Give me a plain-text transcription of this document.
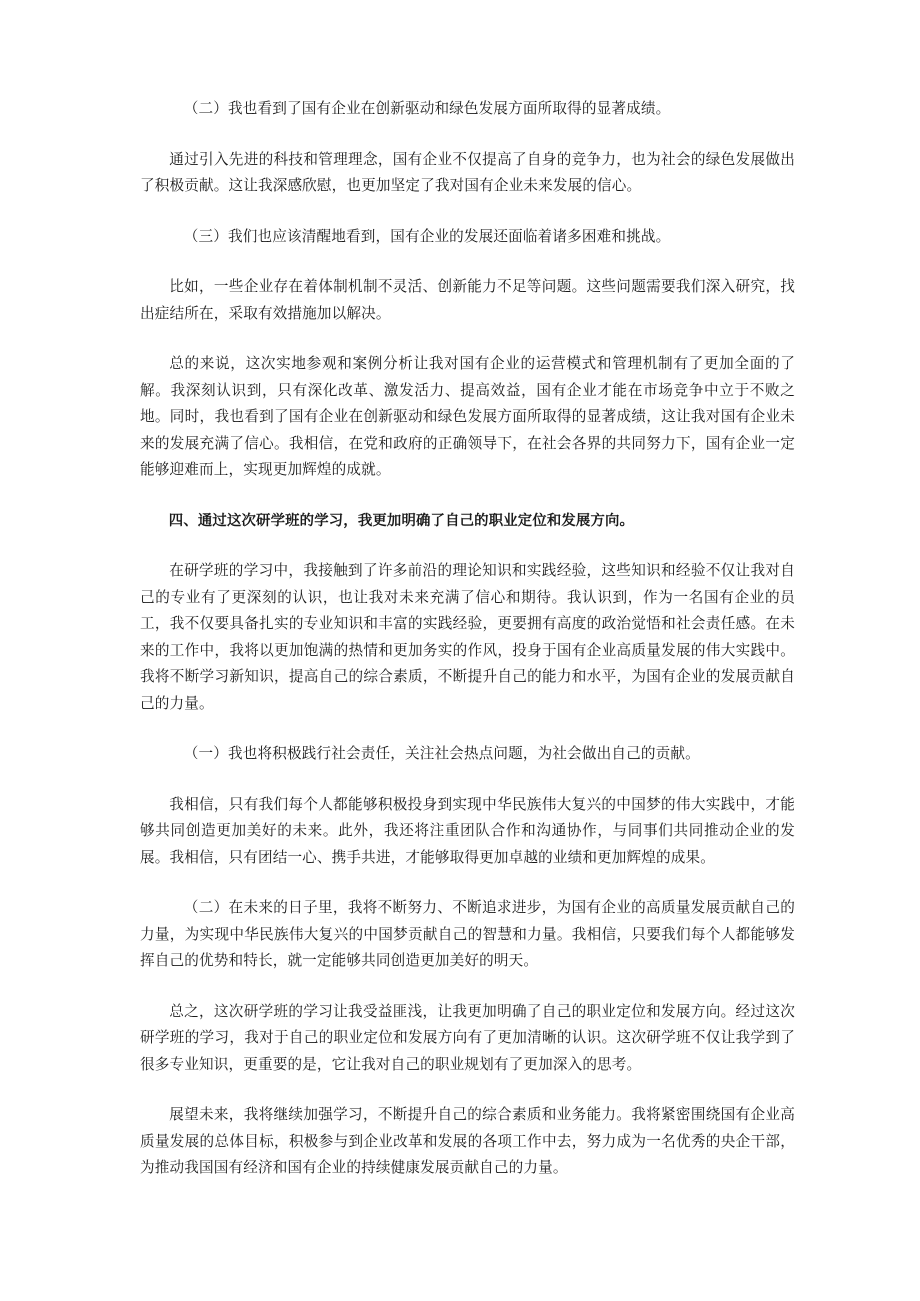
（二）我也看到了国有企业在创新驱动和绿色发展方面所取得的显著成绩。

通过引入先进的科技和管理理念，国有企业不仅提高了自身的竞争力，也为社会的绿色发展做出了积极贡献。这让我深感欣慰，也更加坚定了我对国有企业未来发展的信心。

（三）我们也应该清醒地看到，国有企业的发展还面临着诸多困难和挑战。

比如，一些企业存在着体制机制不灵活、创新能力不足等问题。这些问题需要我们深入研究，找出症结所在，采取有效措施加以解决。

总的来说，这次实地参观和案例分析让我对国有企业的运营模式和管理机制有了更加全面的了解。我深刻认识到，只有深化改革、激发活力、提高效益，国有企业才能在市场竞争中立于不败之地。同时，我也看到了国有企业在创新驱动和绿色发展方面所取得的显著成绩，这让我对国有企业未来的发展充满了信心。我相信，在党和政府的正确领导下，在社会各界的共同努力下，国有企业一定能够迎难而上，实现更加辉煌的成就。

四、通过这次研学班的学习，我更加明确了自己的职业定位和发展方向。

在研学班的学习中，我接触到了许多前沿的理论知识和实践经验，这些知识和经验不仅让我对自己的专业有了更深刻的认识，也让我对未来充满了信心和期待。我认识到，作为一名国有企业的员工，我不仅要具备扎实的专业知识和丰富的实践经验，更要拥有高度的政治觉悟和社会责任感。在未来的工作中，我将以更加饱满的热情和更加务实的作风，投身于国有企业高质量发展的伟大实践中。我将不断学习新知识，提高自己的综合素质，不断提升自己的能力和水平，为国有企业的发展贡献自己的力量。

（一）我也将积极践行社会责任，关注社会热点问题，为社会做出自己的贡献。

我相信，只有我们每个人都能够积极投身到实现中华民族伟大复兴的中国梦的伟大实践中，才能够共同创造更加美好的未来。此外，我还将注重团队合作和沟通协作，与同事们共同推动企业的发展。我相信，只有团结一心、携手共进，才能够取得更加卓越的业绩和更加辉煌的成果。

（二）在未来的日子里，我将不断努力、不断追求进步，为国有企业的高质量发展贡献自己的力量，为实现中华民族伟大复兴的中国梦贡献自己的智慧和力量。我相信，只要我们每个人都能够发挥自己的优势和特长，就一定能够共同创造更加美好的明天。

总之，这次研学班的学习让我受益匪浅，让我更加明确了自己的职业定位和发展方向。经过这次研学班的学习，我对于自己的职业定位和发展方向有了更加清晰的认识。这次研学班不仅让我学到了很多专业知识，更重要的是，它让我对自己的职业规划有了更加深入的思考。

展望未来，我将继续加强学习，不断提升自己的综合素质和业务能力。我将紧密围绕国有企业高质量发展的总体目标，积极参与到企业改革和发展的各项工作中去，努力成为一名优秀的央企干部，为推动我国国有经济和国有企业的持续健康发展贡献自己的力量。
